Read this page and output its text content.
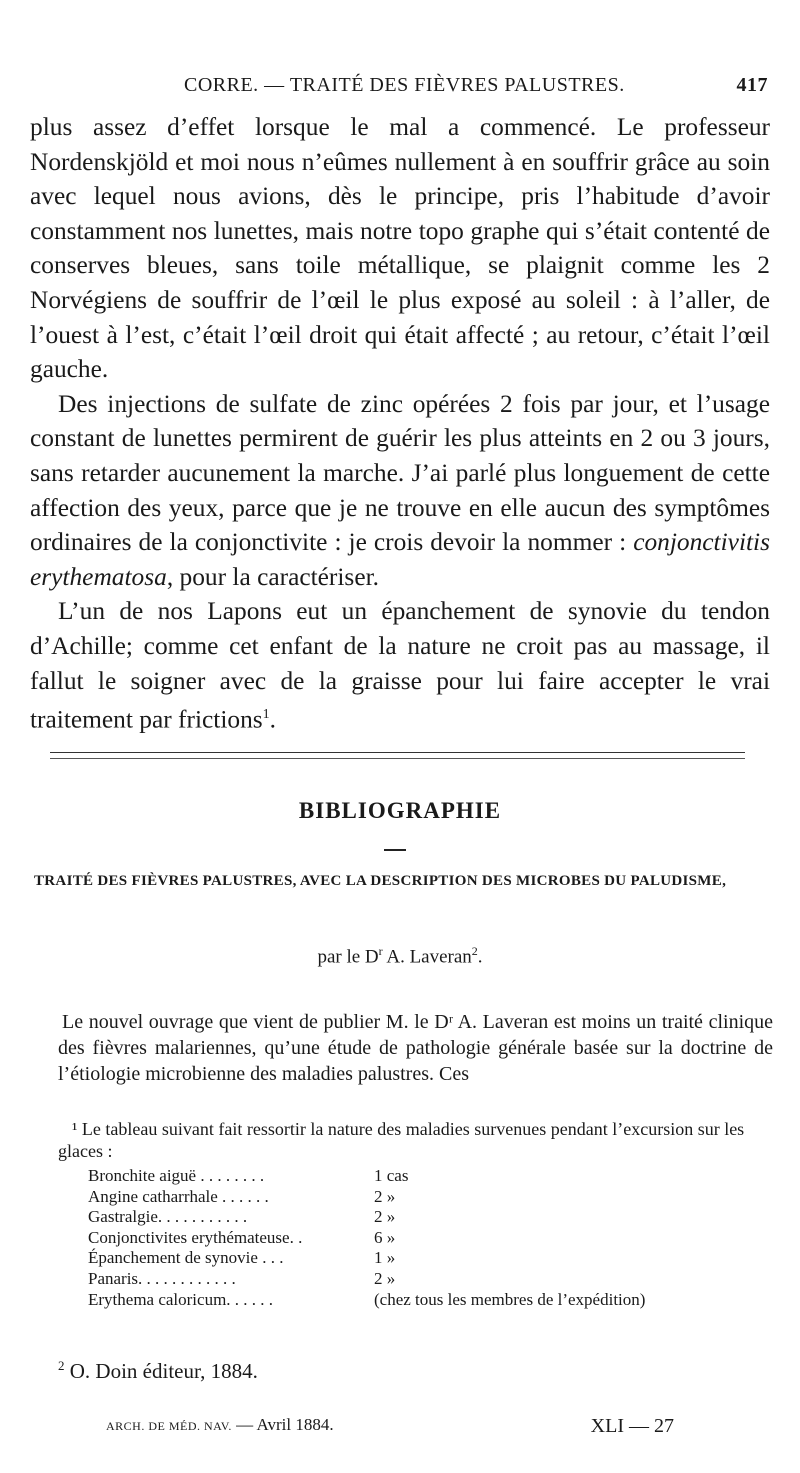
CORRE. — TRAITÉ DES FIÈVRES PALUSTRES.	417

plus assez d’effet lorsque le mal a commencé. Le professeur Nordenskjöld et moi nous n’eûmes nullement à en souffrir grâce au soin avec lequel nous avions, dès le principe, pris l’habitude d’avoir constamment nos lunettes, mais notre topo graphe qui s’était contenté de conserves bleues, sans toile métallique, se plaignit comme les 2 Norvégiens de souffrir de l’œil le plus exposé au soleil : à l’aller, de l’ouest à l’est, c’était l’œil droit qui était affecté ; au retour, c’était l’œil gauche.

Des injections de sulfate de zinc opérées 2 fois par jour, et l’usage constant de lunettes permirent de guérir les plus atteints en 2 ou 3 jours, sans retarder aucunement la marche. J’ai parlé plus longuement de cette affection des yeux, parce que je ne trouve en elle aucun des symptômes ordinaires de la conjonctivite : je crois devoir la nommer : conjonctivitis erythematosa, pour la caractériser.

L’un de nos Lapons eut un épanchement de synovie du tendon d’Achille; comme cet enfant de la nature ne croit pas au massage, il fallut le soigner avec de la graisse pour lui faire accepter le vrai traitement par frictions$^1$.

BIBLIOGRAPHIE
TRAITÉ DES FIÈVRES PALUSTRES, AVEC LA DESCRIPTION DES MICROBES DU PALUDISME,
par le $D^r$ A. Laveran$^2$.

Le nouvel ouvrage que vient de publier M. le Dʳ A. Laveran est moins un traité clinique des fièvres malariennes, qu’une étude de pathologie générale basée sur la doctrine de l’étiologie microbienne des maladies palustres. Ces

¹ Le tableau suivant fait ressortir la nature des maladies survenues pendant l’excursion sur les glaces :

Bronchite aiguë . . . . . . . .	1 cas
Angine catharrhale . . . . . .	2 »
Gastralgie. . . . . . . . . . .	2 »
Conjonctivites erythémateuse. .	6 »
Épanchement de synovie . . .	1 »
Panaris. . . . . . . . . . . .	2 »
Erythema caloricum. . . . . .	(chez tous les membres de l’expédition)
$^2$ O. Doin éditeur, 1884.
ARCH. DE MÉD. NAV. — Avril 1884.	XLI — 27
